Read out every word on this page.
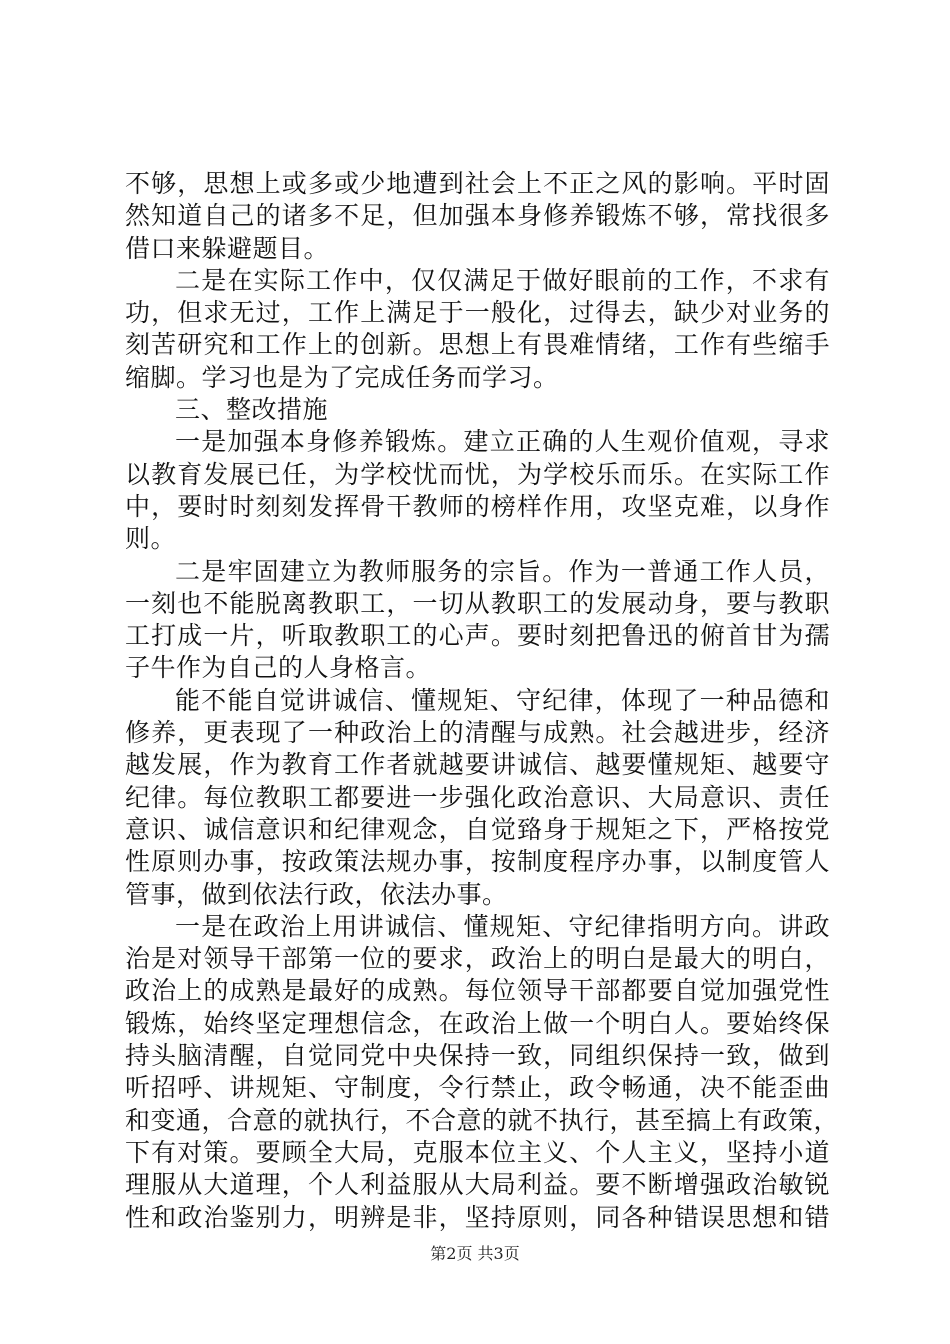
不够，思想上或多或少地遭到社会上不正之风的影响。平时固
然知道自己的诸多不足，但加强本身修养锻炼不够，常找很多
借口来躲避题目。
二是在实际工作中，仅仅满足于做好眼前的工作，不求有
功，但求无过，工作上满足于一般化，过得去，缺少对业务的
刻苦研究和工作上的创新。思想上有畏难情绪，工作有些缩手
缩脚。学习也是为了完成任务而学习。
三、整改措施
一是加强本身修养锻炼。建立正确的人生观价值观，寻求
以教育发展已任，为学校忧而忧，为学校乐而乐。在实际工作
中，要时时刻刻发挥骨干教师的榜样作用，攻坚克难，以身作
则。
二是牢固建立为教师服务的宗旨。作为一普通工作人员，
一刻也不能脱离教职工，一切从教职工的发展动身，要与教职
工打成一片，听取教职工的心声。要时刻把鲁迅的俯首甘为孺
子牛作为自己的人身格言。
能不能自觉讲诚信、懂规矩、守纪律，体现了一种品德和
修养，更表现了一种政治上的清醒与成熟。社会越进步，经济
越发展，作为教育工作者就越要讲诚信、越要懂规矩、越要守
纪律。每位教职工都要进一步强化政治意识、大局意识、责任
意识、诚信意识和纪律观念，自觉臵身于规矩之下，严格按党
性原则办事，按政策法规办事，按制度程序办事，以制度管人
管事，做到依法行政，依法办事。
一是在政治上用讲诚信、懂规矩、守纪律指明方向。讲政
治是对领导干部第一位的要求，政治上的明白是最大的明白，
政治上的成熟是最好的成熟。每位领导干部都要自觉加强党性
锻炼，始终坚定理想信念，在政治上做一个明白人。要始终保
持头脑清醒，自觉同党中央保持一致，同组织保持一致，做到
听招呼、讲规矩、守制度，令行禁止，政令畅通，决不能歪曲
和变通，合意的就执行，不合意的就不执行，甚至搞上有政策，
下有对策。要顾全大局，克服本位主义、个人主义，坚持小道
理服从大道理，个人利益服从大局利益。要不断增强政治敏锐
性和政治鉴别力，明辨是非，坚持原则，同各种错误思想和错
第2页 共3页
